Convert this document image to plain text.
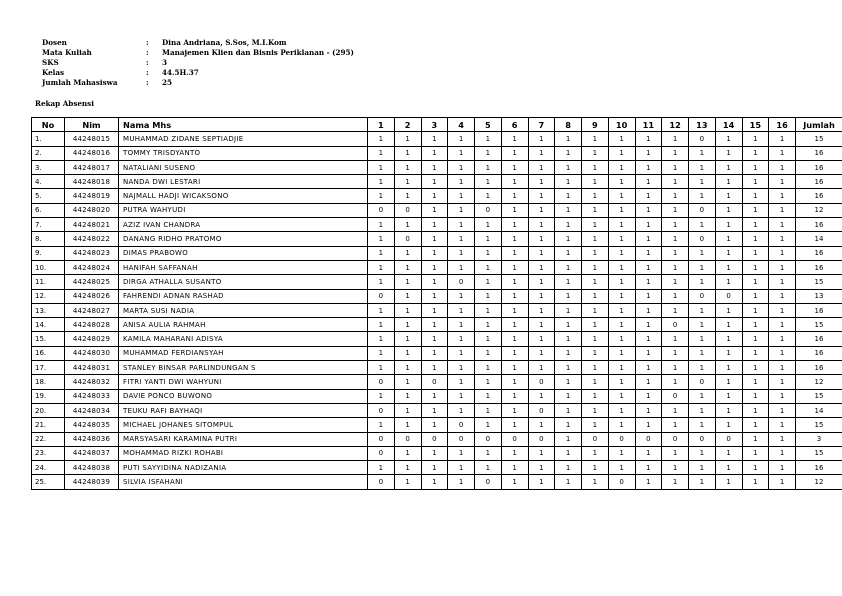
Dosen	: Dina Andriana, S.Sos, M.I.Kom
Mata Kuliah	: Manajemen Klien dan Bisnis Periklanan - (295)
SKS	: 3
Kelas	: 44.5H.37
Jumlah Mahasiswa	: 25
Rekap Absensi
No	Nim	Nama Mhs	1	2	3	4	5	6	7	8	9	10	11	12	13	14	15	16	Jumlah
1.	44248015	MUHAMMAD ZIDANE SEPTIADJIE	1	1	1	1	1	1	1	1	1	1	1	1	0	1	1	1	15
2.	44248016	TOMMY TRISDYANTO	1	1	1	1	1	1	1	1	1	1	1	1	1	1	1	1	16
3.	44248017	NATALIANI SUSENO	1	1	1	1	1	1	1	1	1	1	1	1	1	1	1	1	16
4.	44248018	NANDA DWI LESTARI	1	1	1	1	1	1	1	1	1	1	1	1	1	1	1	1	16
5.	44248019	NAJMALL HADJI WICAKSONO	1	1	1	1	1	1	1	1	1	1	1	1	1	1	1	1	16
6.	44248020	PUTRA WAHYUDI	0	0	1	1	0	1	1	1	1	1	1	1	0	1	1	1	12
7.	44248021	AZIZ IVAN CHANDRA	1	1	1	1	1	1	1	1	1	1	1	1	1	1	1	1	16
8.	44248022	DANANG RIDHO PRATOMO	1	0	1	1	1	1	1	1	1	1	1	1	0	1	1	1	14
9.	44248023	DIMAS PRABOWO	1	1	1	1	1	1	1	1	1	1	1	1	1	1	1	1	16
10.	44248024	HANIFAH SAFFANAH	1	1	1	1	1	1	1	1	1	1	1	1	1	1	1	1	16
11.	44248025	DIRGA ATHALLA SUSANTO	1	1	1	0	1	1	1	1	1	1	1	1	1	1	1	1	15
12.	44248026	FAHRENDI ADNAN RASHAD	0	1	1	1	1	1	1	1	1	1	1	1	0	0	1	1	13
13.	44248027	MARTA SUSI NADIA	1	1	1	1	1	1	1	1	1	1	1	1	1	1	1	1	16
14.	44248028	ANISA AULIA RAHMAH	1	1	1	1	1	1	1	1	1	1	1	0	1	1	1	1	15
15.	44248029	KAMILA MAHARANI ADISYA	1	1	1	1	1	1	1	1	1	1	1	1	1	1	1	1	16
16.	44248030	MUHAMMAD FERDIANSYAH	1	1	1	1	1	1	1	1	1	1	1	1	1	1	1	1	16
17.	44248031	STANLEY BINSAR PARLINDUNGAN S	1	1	1	1	1	1	1	1	1	1	1	1	1	1	1	1	16
18.	44248032	FITRI YANTI DWI WAHYUNI	0	1	0	1	1	1	0	1	1	1	1	1	0	1	1	1	12
19.	44248033	DAVIE PONCO BUWONO	1	1	1	1	1	1	1	1	1	1	1	0	1	1	1	1	15
20.	44248034	TEUKU RAFI BAYHAQI	0	1	1	1	1	1	0	1	1	1	1	1	1	1	1	1	14
21.	44248035	MICHAEL JOHANES SITOMPUL	1	1	1	0	1	1	1	1	1	1	1	1	1	1	1	1	15
22.	44248036	MARSYASARI KARAMINA PUTRI	0	0	0	0	0	0	0	1	0	0	0	0	0	0	1	1	3
23.	44248037	MOHAMMAD RIZKI ROHABI	0	1	1	1	1	1	1	1	1	1	1	1	1	1	1	1	15
24.	44248038	PUTI SAYYIDINA NADIZANIA	1	1	1	1	1	1	1	1	1	1	1	1	1	1	1	1	16
25.	44248039	SILVIA ISFAHANI	0	1	1	1	0	1	1	1	1	0	1	1	1	1	1	1	12
